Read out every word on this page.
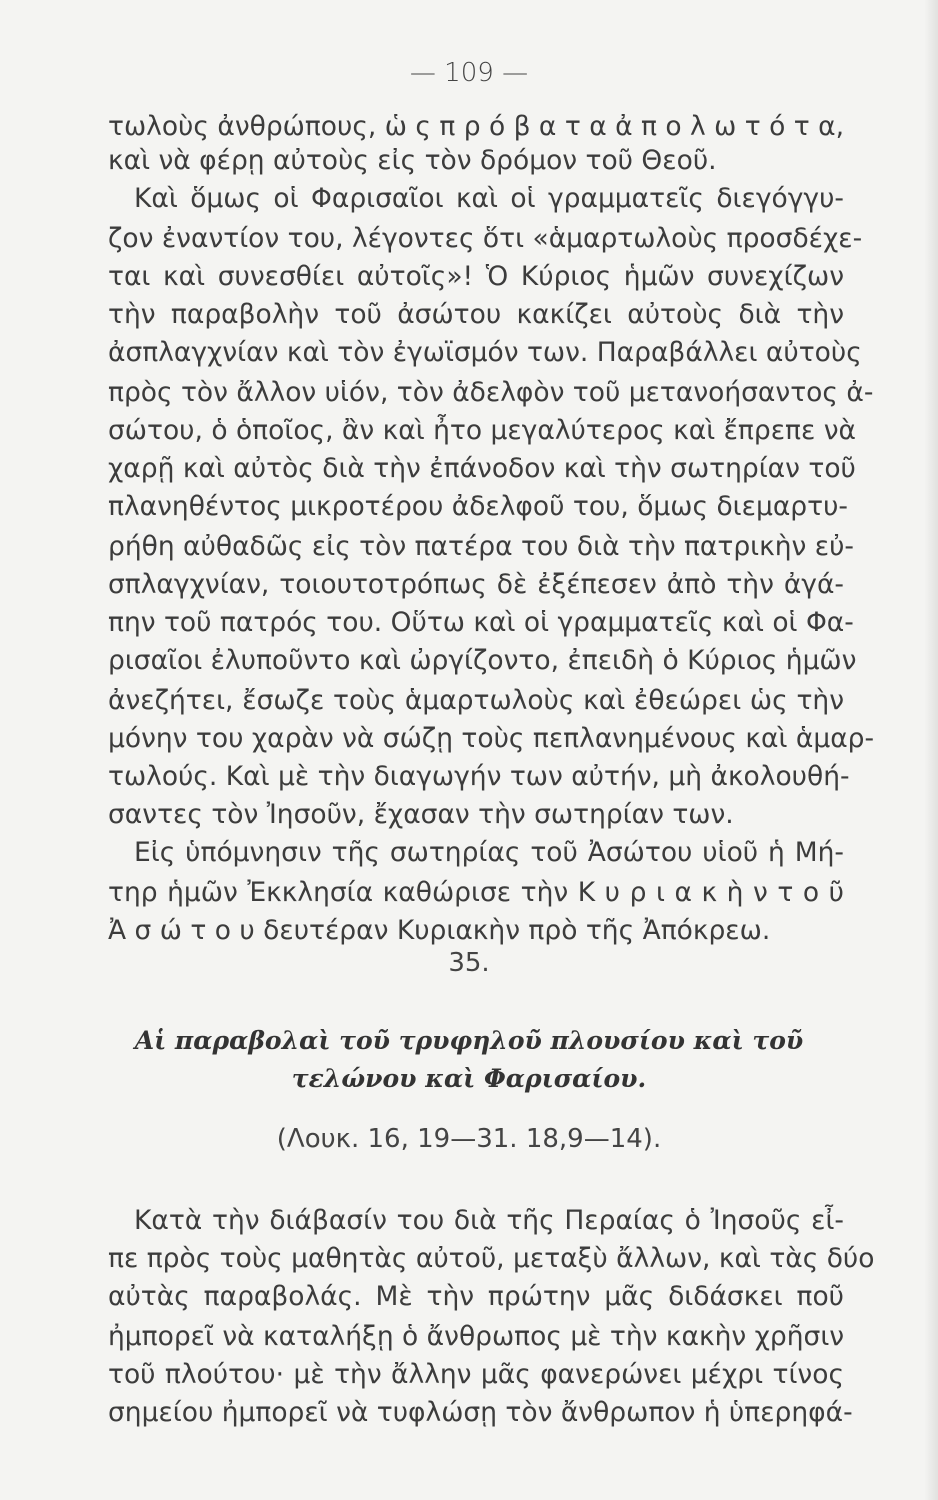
— 109 —
τωλοὺς ἀνθρώπους, ὡ ς π ρ ό β α τ α ἀ π ο λ ω τ ό τ α,
καὶ νὰ φέρῃ αὐτοὺς εἰς τὸν δρόμον τοῦ Θεοῦ.
Καὶ ὅμως οἱ Φαρισαῖοι καὶ οἱ γραμματεῖς διεγόγγυ-
ζον ἐναντίον του, λέγοντες ὅτι «ἁμαρτωλοὺς προσδέχε-
ται καὶ συνεσθίει αὐτοῖς»! Ὁ Κύριος ἡμῶν συνεχίζων
τὴν παραβολὴν τοῦ ἀσώτου κακίζει αὐτοὺς διὰ τὴν
ἀσπλαγχνίαν καὶ τὸν ἐγωϊσμόν των. Παραβάλλει αὐτοὺς
πρὸς τὸν ἄλλον υἱόν, τὸν ἀδελφὸν τοῦ μετανοήσαντος ἀ-
σώτου, ὁ ὁποῖος, ἂν καὶ ἦτο μεγαλύτερος καὶ ἔπρεπε νὰ
χαρῇ καὶ αὐτὸς διὰ τὴν ἐπάνοδον καὶ τὴν σωτηρίαν τοῦ
πλανηθέντος μικροτέρου ἀδελφοῦ του, ὅμως διεμαρτυ-
ρήθη αὐθαδῶς εἰς τὸν πατέρα του διὰ τὴν πατρικὴν εὐ-
σπλαγχνίαν, τοιουτοτρόπως δὲ ἐξέπεσεν ἀπὸ τὴν ἀγά-
πην τοῦ πατρός του. Οὕτω καὶ οἱ γραμματεῖς καὶ οἱ Φα-
ρισαῖοι ἐλυποῦντο καὶ ὠργίζοντο, ἐπειδὴ ὁ Κύριος ἡμῶν
ἀνεζήτει, ἔσωζε τοὺς ἁμαρτωλοὺς καὶ ἐθεώρει ὡς τὴν
μόνην του χαρὰν νὰ σώζῃ τοὺς πεπλανημένους καὶ ἁμαρ-
τωλούς. Καὶ μὲ τὴν διαγωγήν των αὐτήν, μὴ ἀκολουθή-
σαντες τὸν Ἰησοῦν, ἔχασαν τὴν σωτηρίαν των.
Εἰς ὑπόμνησιν τῆς σωτηρίας τοῦ Ἀσώτου υἱοῦ ἡ Μή-
τηρ ἡμῶν Ἐκκλησία καθώρισε τὴν Κ υ ρ ι α κ ὴ ν τ ο ῦ
Ἀ σ ώ τ ο υ δευτέραν Κυριακὴν πρὸ τῆς Ἀπόκρεω.
35.
Αἱ παραβολαὶ τοῦ τρυφηλοῦ πλουσίου καὶ τοῦ
τελώνου καὶ Φαρισαίου.
(Λουκ. 16, 19—31. 18,9—14).
Κατὰ τὴν διάβασίν του διὰ τῆς Περαίας ὁ Ἰησοῦς εἶ-
πε πρὸς τοὺς μαθητὰς αὐτοῦ, μεταξὺ ἄλλων, καὶ τὰς δύο
αὐτὰς παραβολάς. Μὲ τὴν πρώτην μᾶς διδάσκει ποῦ
ἠμπορεῖ νὰ καταλήξῃ ὁ ἄνθρωπος μὲ τὴν κακὴν χρῆσιν
τοῦ πλούτου· μὲ τὴν ἄλλην μᾶς φανερώνει μέχρι τίνος
σημείου ἠμπορεῖ νὰ τυφλώσῃ τὸν ἄνθρωπον ἡ ὑπερηφά-
